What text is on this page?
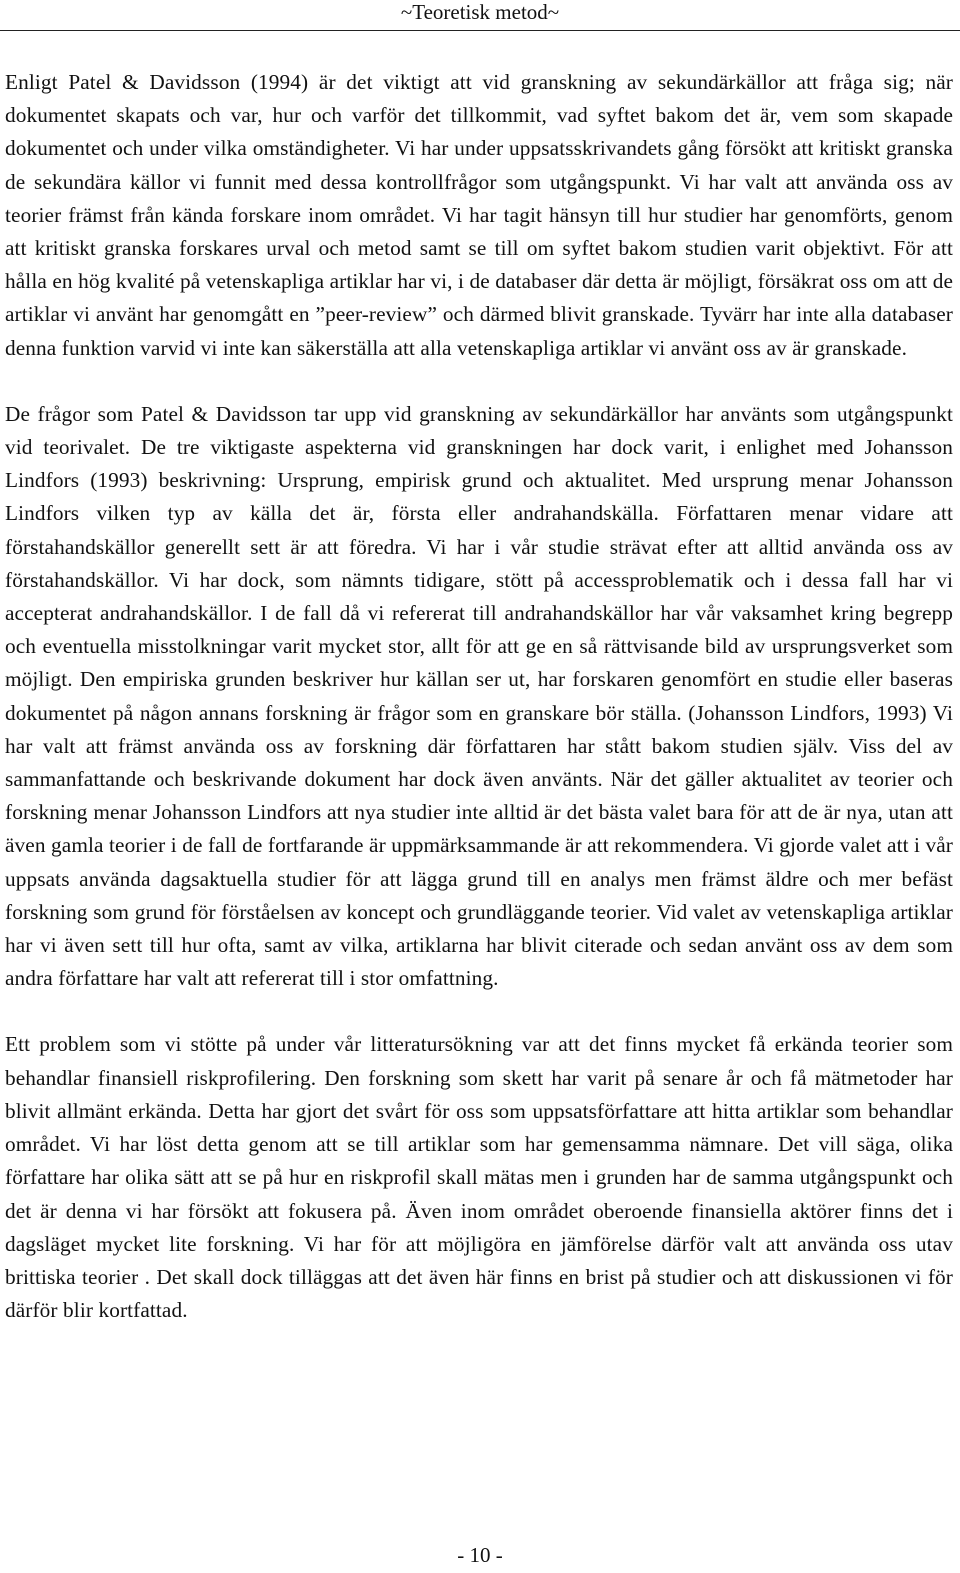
~Teoretisk metod~

Enligt Patel & Davidsson (1994) är det viktigt att vid granskning av sekundärkällor att fråga sig; när dokumentet skapats och var, hur och varför det tillkommit, vad syftet bakom det är, vem som skapade dokumentet och under vilka omständigheter. Vi har under uppsatsskrivandets gång försökt att kritiskt granska de sekundära källor vi funnit med dessa kontrollfrågor som utgångspunkt. Vi har valt att använda oss av teorier främst från kända forskare inom området. Vi har tagit hänsyn till hur studier har genomförts, genom att kritiskt granska forskares urval och metod samt se till om syftet bakom studien varit objektivt. För att hålla en hög kvalité på vetenskapliga artiklar har vi, i de databaser där detta är möjligt, försäkrat oss om att de artiklar vi använt har genomgått en ”peer-review” och därmed blivit granskade. Tyvärr har inte alla databaser denna funktion varvid vi inte kan säkerställa att alla vetenskapliga artiklar vi använt oss av är granskade.

De frågor som Patel & Davidsson tar upp vid granskning av sekundärkällor har använts som utgångspunkt vid teorivalet. De tre viktigaste aspekterna vid granskningen har dock varit, i enlighet med Johansson Lindfors (1993) beskrivning: Ursprung, empirisk grund och aktualitet. Med ursprung menar Johansson Lindfors vilken typ av källa det är, första eller andrahandskälla. Författaren menar vidare att förstahandskällor generellt sett är att föredra. Vi har i vår studie strävat efter att alltid använda oss av förstahandskällor. Vi har dock, som nämnts tidigare, stött på accessproblematik och i dessa fall har vi accepterat andrahandskällor. I de fall då vi refererat till andrahandskällor har vår vaksamhet kring begrepp och eventuella misstolkningar varit mycket stor, allt för att ge en så rättvisande bild av ursprungsverket som möjligt. Den empiriska grunden beskriver hur källan ser ut, har forskaren genomfört en studie eller baseras dokumentet på någon annans forskning är frågor som en granskare bör ställa. (Johansson Lindfors, 1993) Vi har valt att främst använda oss av forskning där författaren har stått bakom studien själv. Viss del av sammanfattande och beskrivande dokument har dock även använts. När det gäller aktualitet av teorier och forskning menar Johansson Lindfors att nya studier inte alltid är det bästa valet bara för att de är nya, utan att även gamla teorier i de fall de fortfarande är uppmärksammande är att rekommendera. Vi gjorde valet att i vår uppsats använda dagsaktuella studier för att lägga grund till en analys men främst äldre och mer befäst forskning som grund för förståelsen av koncept och grundläggande teorier. Vid valet av vetenskapliga artiklar har vi även sett till hur ofta, samt av vilka, artiklarna har blivit citerade och sedan använt oss av dem som andra författare har valt att refererat till i stor omfattning.

Ett problem som vi stötte på under vår litteratursökning var att det finns mycket få erkända teorier som behandlar finansiell riskprofilering. Den forskning som skett har varit på senare år och få mätmetoder har blivit allmänt erkända. Detta har gjort det svårt för oss som uppsatsförfattare att hitta artiklar som behandlar området. Vi har löst detta genom att se till artiklar som har gemensamma nämnare. Det vill säga, olika författare har olika sätt att se på hur en riskprofil skall mätas men i grunden har de samma utgångspunkt och det är denna vi har försökt att fokusera på. Även inom området oberoende finansiella aktörer finns det i dagsläget mycket lite forskning. Vi har för att möjligöra en jämförelse därför valt att använda oss utav brittiska teorier . Det skall dock tilläggas att det även här finns en brist på studier och att diskussionen vi för därför blir kortfattad.

- 10 -
